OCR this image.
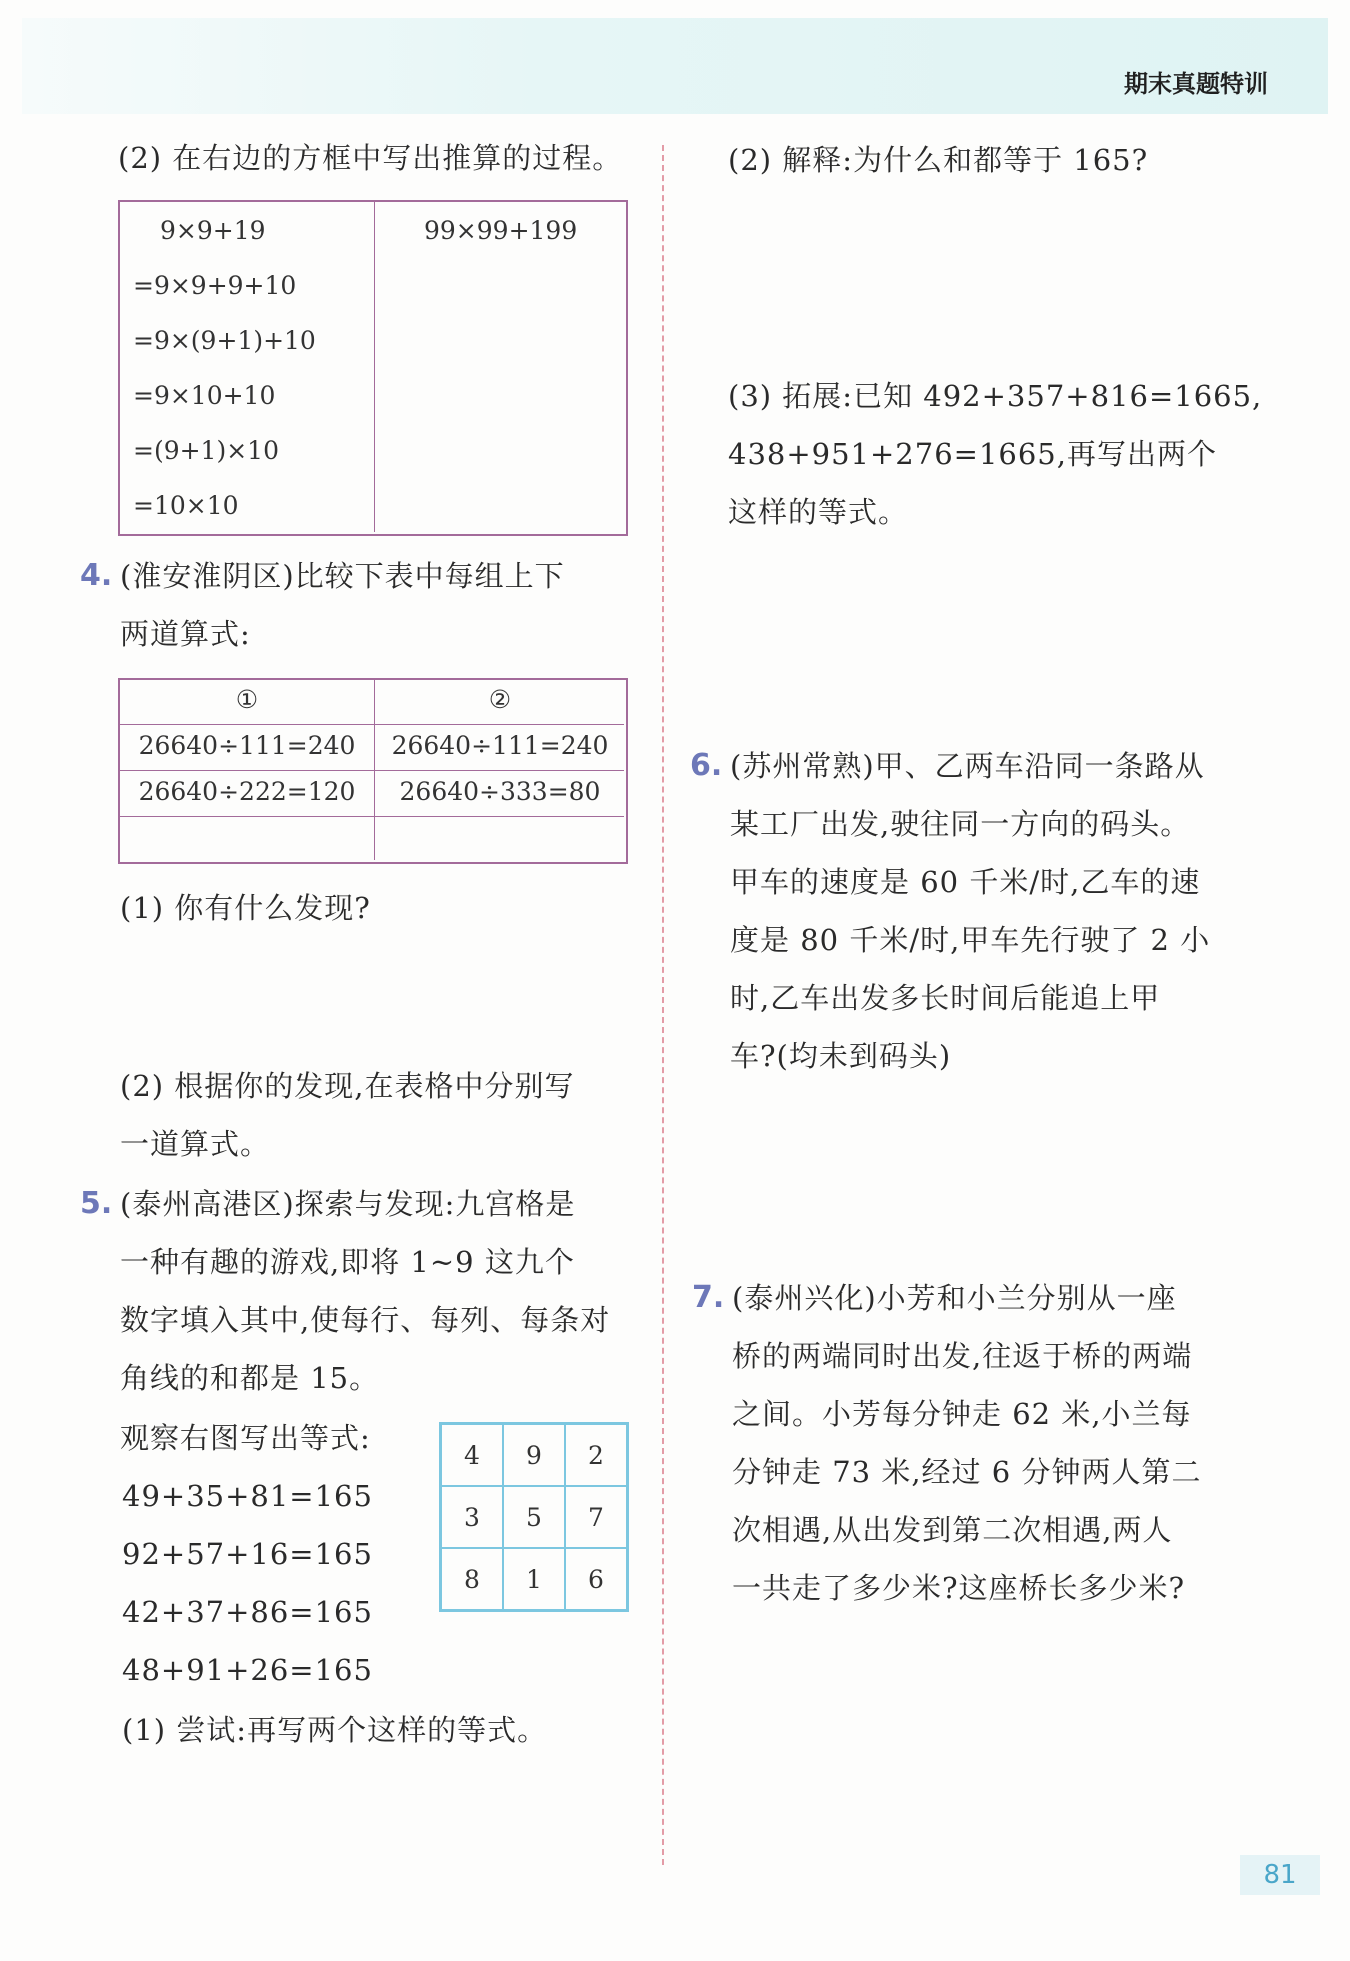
期末真题特训
(2) 在右边的方框中写出推算的过程。
9×9+19
=9×9+9+10
=9×(9+1)+10
=9×10+10
=(9+1)×10
=10×10
99×99+199
4. (淮安淮阴区)比较下表中每组上下
两道算式:
①	②
26640÷111=240	26640÷111=240
26640÷222=120	26640÷333=80
(1) 你有什么发现?
(2) 根据你的发现,在表格中分别写
一道算式。
5. (泰州高港区)探索与发现:九宫格是
一种有趣的游戏,即将 1~9 这九个
数字填入其中,使每行、每列、每条对
角线的和都是 15。
观察右图写出等式:
49+35+81=165
92+57+16=165
42+37+86=165
48+91+26=165
4	9	2
3	5	7
8	1	6
(1) 尝试:再写两个这样的等式。
(2) 解释:为什么和都等于 165?
(3) 拓展:已知 492+357+816=1665,
438+951+276=1665,再写出两个
这样的等式。
6. (苏州常熟)甲、乙两车沿同一条路从
某工厂出发,驶往同一方向的码头。
甲车的速度是 60 千米/时,乙车的速
度是 80 千米/时,甲车先行驶了 2 小
时,乙车出发多长时间后能追上甲
车?(均未到码头)
7. (泰州兴化)小芳和小兰分别从一座
桥的两端同时出发,往返于桥的两端
之间。小芳每分钟走 62 米,小兰每
分钟走 73 米,经过 6 分钟两人第二
次相遇,从出发到第二次相遇,两人
一共走了多少米?这座桥长多少米?
81
